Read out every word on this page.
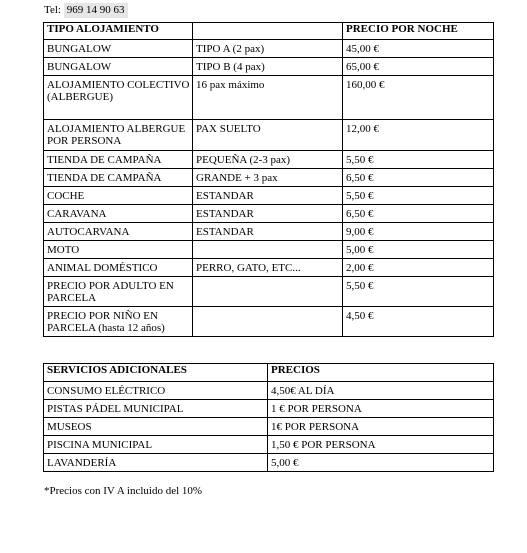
Tel: 969 14 90 63
TIPO ALOJAMIENTO		PRECIO POR NOCHE
BUNGALOW	TIPO A (2 pax)	45,00 €
BUNGALOW	TIPO B (4 pax)	65,00 €
ALOJAMIENTO COLECTIVO (ALBERGUE)	16 pax máximo	160,00 €
ALOJAMIENTO ALBERGUE POR PERSONA	PAX SUELTO	12,00 €
TIENDA DE CAMPAÑA	PEQUEÑA (2-3 pax)	5,50 €
TIENDA DE CAMPAÑA	GRANDE + 3 pax	6,50 €
COCHE	ESTANDAR	5,50 €
CARAVANA	ESTANDAR	6,50 €
AUTOCARVANA	ESTANDAR	9,00 €
MOTO		5,00 €
ANIMAL DOMÉSTICO	PERRO, GATO, ETC...	2,00 €
PRECIO POR ADULTO EN PARCELA		5,50 €
PRECIO POR NIÑO EN PARCELA (hasta 12 años)		4,50 €
SERVICIOS ADICIONALES	PRECIOS
CONSUMO ELÉCTRICO	4,50€ AL DÍA
PISTAS PÁDEL MUNICIPAL	1 € POR PERSONA
MUSEOS	1€ POR PERSONA
PISCINA MUNICIPAL	1,50 € POR PERSONA
LAVANDERÍA	5,00 €
*Precios con IV A incluido del 10%
